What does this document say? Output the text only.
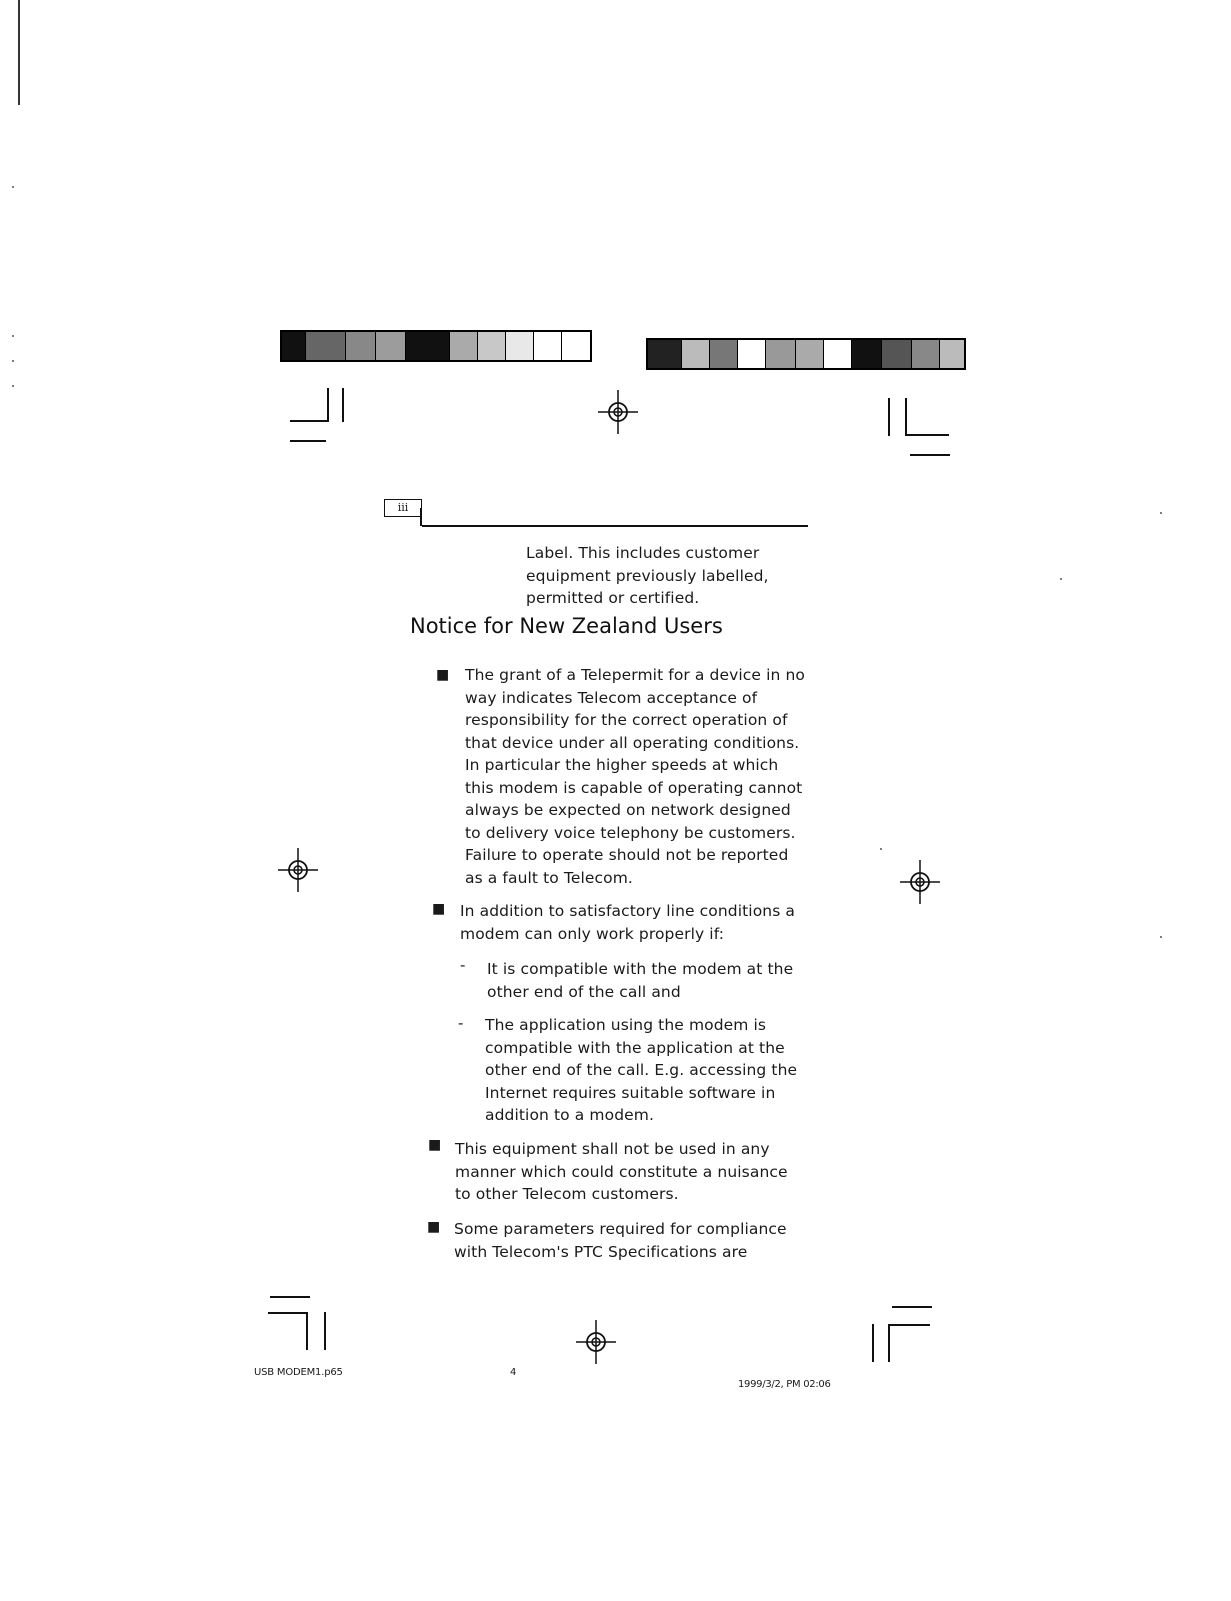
iii
Label. This includes customer equipment previously labelled, permitted or certified.
Notice for New Zealand Users
■ The grant of a Telepermit for a device in no way indicates Telecom acceptance of responsibility for the correct operation of that device under all operating conditions. In particular the higher speeds at which this modem is capable of operating cannot always be expected on network designed to delivery voice telephony be customers. Failure to operate should not be reported as a fault to Telecom.
■ In addition to satisfactory line conditions a modem can only work properly if:
- It is compatible with the modem at the other end of the call and
- The application using the modem is compatible with the application at the other end of the call. E.g. accessing the Internet requires suitable software in addition to a modem.
■ This equipment shall not be used in any manner which could constitute a nuisance to other Telecom customers.
■ Some parameters required for compliance with Telecom's PTC Specifications are
USB MODEM1.p65	4
1999/3/2, PM 02:06
